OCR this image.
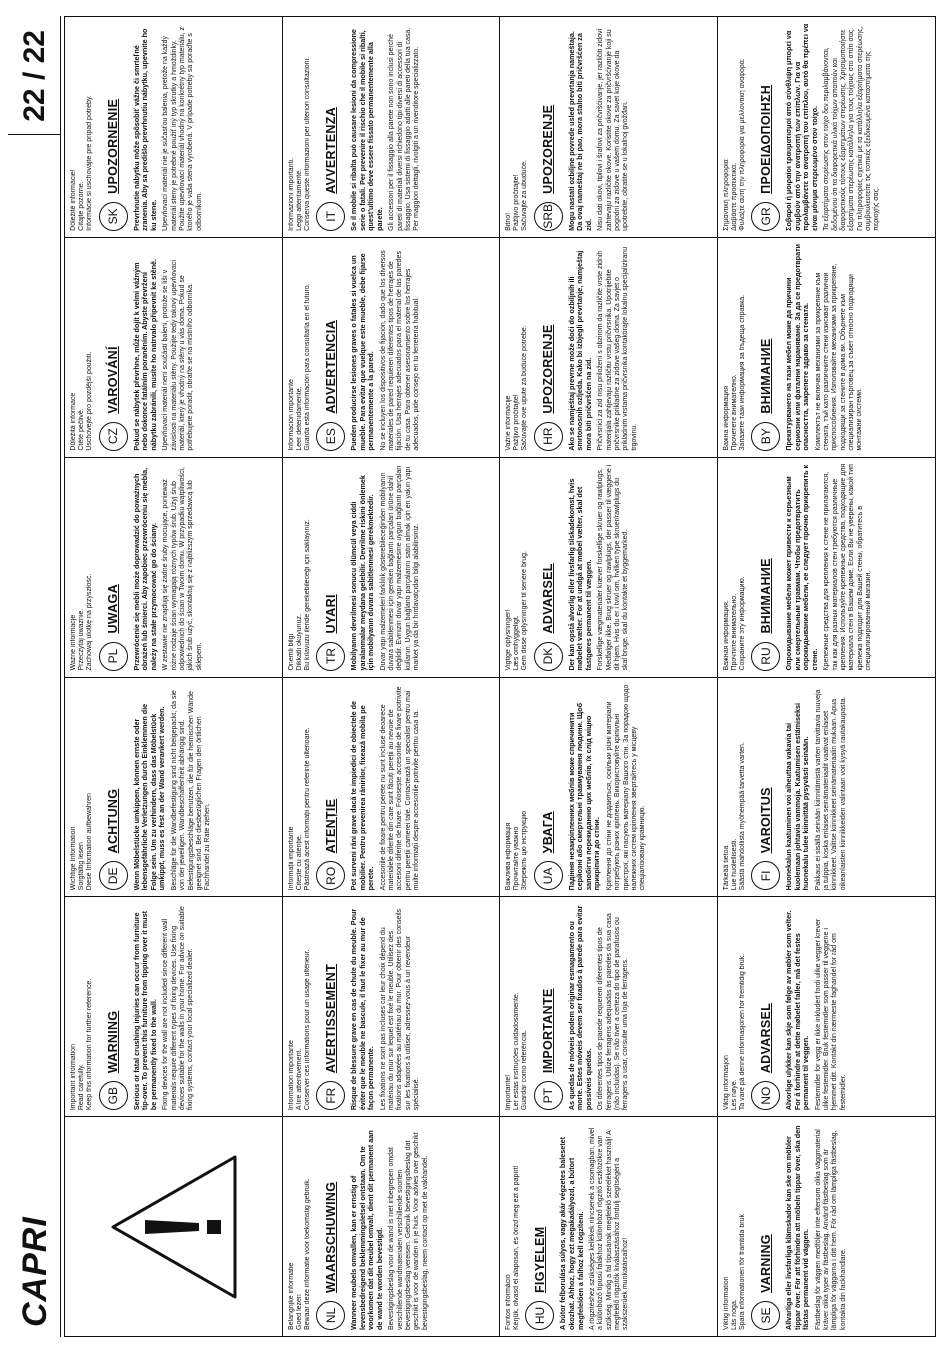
CAPRI
22 / 22
Important information Read carefully. Keep this information for further reference.	GB
WARNING Serious or fatal crushing injuries can occur from furniture tip-over. To prevent this furniture from tipping over it must be permanently fixed to the wall. Fixing devices for the wall are not included since different wall materials require different types of fixing devices. Use fixing devices suitable for the walls in your home. For advice on suitable fixing systems, contact your local specialized dealer.

Wichtige Information Sorgfältig lesen Diese Information aufbewahren	DE
ACHTUNG Wenn Möbelstücke umkippen, können ernste oder lebensgefährliche Verletzungen durch Einklemmen die Folge sein. Um zu verhindern, dass das Möbelstück umkippt, muss es fest an der Wand verankert werden. Beschläge für die Wandbefestigung sind nicht beigepackt, da sie von der jeweiligen. Wandbeschaffenheit abhängig sind. Befestigungsbeschläge benutzen, die für die heimischen Wände geeignet sind. Bei diesbezüglichen Fragen den örtlichen Fachhandel zu Rate ziehen.

Ważne informacje Przeczytaj uważnie. Zachowaj ulotkę na przyszłość.	PL
UWAGA Przewrócenie się mebli może doprowadzić do poważnych obrażeń lub śmierci. Aby zapobiec przewróceniu się mebla, należy na stałe przymocować go do ściany. W zestawie nie znajdują się żadne śruby mocujące, ponieważ różne rodzaje ścian wymagają różnych typów śrub. Użyj śrub odpowiednich do ścian w Twoim domu. W przypadku wątpliwości, jakich śrub użyć, skontaktuj się z najbliższym sprzedawcą lub sklepem.

Důležitá informace Čtěte pečlivě. Uschovejte pro pozdější použití.	CZ
VAROVÁNÍ Pokud se nábytek převrhne, může dojít k velmi vážným nebo dokonce fatálním poraněním. Abyste převržení nábytku zabránili, musíte ho natrvalo připevnit ke stěně. Upevňovací materiál není součástí balení, protože se liší v závislosti na materiálu stěny. Použijte tedy takový upevňovací materiál, který je vhodný na stěny u vás doma. Pokud se potřebujete poradit, obraťte se na místního odborníka.

Dôležité informácie! Čítajte pozorne. Informácie si uschovajte pre prípad potreby.	SK
UPOZORNENIE Prevrhnutie nábytku môže spôsobiť vážne či smrteľné zranenia. Aby sa predišlo prevrhnutiu nábytku, upevnite ho ku stene. Upevňovací materiál nie je súčasťou balenia, pretože na každý materiál steny je potrebné použiť iný typ skrutky a hmoždinky. Použite upevňovací materiál vhodný na konkrétny typ materiálu, z ktorého je vaša stena vyrobená. V prípade potreby sa poraďte s odborníkom.

Belangrijke informatie Goed lezen Bewaar deze informatie voor toekomstig gebruik.	NL
WAARSCHUWING Wanneer meubels omvallen, kan er ernstig of levensbedreigend beklemmingsletsel ontstaan. Om te voorkomen dat dit meubel omvalt, dient dit permanent aan de wand te worden bevestigd. Bevestigingsbeslag voor de wand is niet inbegrepen omdat verschillende wandmaterialen verschillende soorten bevestigingsbeslag vereisen. Gebruik bevestigingsbeslag dat geschikt is voor de wanden in je huis. Voor advies over geschikt bevestigingsbeslag, neem contact op met de vakhandel.

Information importante A lire attentivement. Conserver ces informations pour un usage ultérieur.	FR
AVERTISSEMENT Risque de blessure grave en cas de chute du meuble. Pour éviter que le meuble ne bascule, il faut le fixer au mur de façon permanente. Les fixations ne sont pas incluses car leur choix dépend du matériau du mur sur lequel est fixé le meuble. Utilisez des fixations adaptées au matériau du mur. Pour obtenir des conseils sur les fixations à utiliser, adressez-vous à un revendeur spécialisé.

Informații importante Citește cu atenție. Păstrează acest informații pentru referințe ulterioare.	RO
ATENȚIE Pot surveni răni grave dacă te impiedici de obiectele de mobilier. Pentru prevenirea rănirilor, fixează mobila pe perete. Accesoriile de fixare pentru perete nu sunt incluse deoarece materialele diferite din care sunt făcuți pereții au nevoie de accesorii diferite de fixare. Folosește accesoriile de fixare potrivite pentru pereții camerei tale. Contactează un specialist pentru mai multe informații despre accesoriile potrivite pentru casa ta.

Önemli bilgi Dikkatli okuyunuz. Bu kılavuzu ileride gerekebileceği için saklayınız.	TR
UYARI Mobilyanın devrilmesi sonucu ölümcül veya ciddi yaralanmalar meydana gelebilir. Devrilme riskini önlemek için mobilyanın duvara sabitlenmesi gerekmektedir. Duvar yapı malzemeleri farklılık gösterebileceğinden mobilyanın duvara sabitlenmesi için gereken bağlantı parçaları ürüne dahil değildir. Evinizin duvar yapı malzemesine uygun bağlantı parçaları kullanın. Uygun bağlantı parçalarını satın almak için en yakın yapı market ya da bir hırdavatçıdan bilgi alabilirsiniz.

Información importante Leer detenidamente. Guarda esta información para consultarla en el futuro.	ES
ADVERTENCIA Pueden producirse lesiones graves o fatales si vuelca un mueble. Para evitar que vuelque este mueble, debe fijarse permanentemente a la pared. No se incluyen los dispositivos de fijación, dado que los diversos materiales de pared requieren diferentes tipos de herrajes de fijación. Usa herrajes adecuados para el material de las paredes de tu casa. Para obtener asesoramiento sobre los herrajes adecuados, pide consejo en tu ferretería habitual.

Informazioni importanti. Leggi attentamente. Conserva queste informazioni per ulteriori consultazioni.	IT
AVVERTENZA Se il mobile si ribalta può causare lesioni da compressione serie o fatali. Per prevenire il rischio che il mobile si ribalti, quest'ultimo deve essere fissato permanentemente alla parete. Gli accessori per il fissaggio alla parete non sono inclusi perché pareti di materiali diversi richiedono tipi diversi di accessori di fissaggio. Usa sistemi di fissaggio adatti alle pareti della tua casa. Per maggiori dettagli, rivolgiti a un rivenditore specializzato.

Fontos információ Kérjük, olvasd el alaposan, és őrizd meg ezt a papírt!	HU
FIGYELEM A bútor felborulása súlyos, vagy akár végzetes balesetet okozhat. Ahhoz, hogy ezt megakadályozd, a bútort megfelelően a falhoz kell rögzíteni. A rögzítéshez szükséges kellékek nincsenek a csomagban, mivel a különböző típusú falakhoz különböző rögzítő eszközökre van szükség. Mindig a fal típusának megfelelő szereléket használj! A megfelelő rögzítők kiválasztásához fordulj segítségért a szakszerűek munkatársaihoz!

Importante! Ler estas instruções cuidadosamente. Guardar como referência.	PT
IMPORTANTE As quedas de móveis podem originar esmagamento ou morte. Estes móveis devem ser fixados à parede para evitar possíveis quedas. Os diferentes tipos de parede requerem diferentes tipos de ferragens. Utilize ferragens adequadas às paredes da sua casa (não incluídas). Se não tiver a certeza do tipo de parafusos ou ferragens a usar, consulte uma loja de ferragens.

Важлива інформація Прочитайте уважно Збережіть цю інструкцію	UA
УВАГА Падіння незакріпленних меблів може спричинити серйозні або смертельні травмування людини. Щоб запобігти перекиданню цих меблів, їх слід міцно прикріпити до стіни. Кріплення до стіни не додаються, оскільки різні матеріали потребують різних кріплень. Використовуйте кріпильні пристрої, які пасують матеріалу Вашого стін. За порадою щодо належних систем кріплення звертайтесь у місцеву спеціалізовану крамницю.

Vigtige oplysninger! Læs omhyggeligt. Gem disse oplysninger til senere brug.	DK
ADVARSEL Der kan opstå alvorlig eller livsfarlig tilskadekomst, hvis møbelet vælter. For at undgå at møbel vælter, skal det fastgøres permanent til væggen. Forskellige vægmaterialer kræver forskellige skruer og rawlplugs. Medfølger ikke. Brug skruer og rawlplugs, der passer til væggene i dit hjem. Hvis du er i tvivl om, hvilken type skruer/rawlplugs du skal bruge, skal du kontakte et byggemarked.

Važne informacije Pažljivo pročitajte! Sačuvajte ove upute za buduće potrebe.	HR
UPOZORENJE Ako se namještaj prevrne može doći do ozbiljnih ili smrtonosnih ozljeda. Kako bi izbjegli prevrtanje, namještaj mora biti pričvršćen na zid. Pričvrsnici za zid nisu priloženi s obzirom da različite vrste zidnih materijala zahtjevaju različitu vrstu pričvrsnika. Upotrijebite pričvrsnike prikladne za zidove vašeg doma. Za savjet o prikladnim vrstama pričvrsnika kontaktirajte lokalnu specijaliziranu trgovinu.

Bitno! Pažljivo pročitajte! Sačuvajte za ubuduće.	SRB
UPOZORENJE Mogu nastati ozbiljne povrede usled prevrtanja nameštaja. Da ovaj nameštaj ne bi pao, mora stalno biti pričvršćen za zid. Nisu dati okovi, tiplovi i šrafovi za pričvršćivanje, jer različiti zidovi zahtevaju različite okove. Koristite okove za pričvršćivanje koji su pogodni za zidove u vašem domu. Za savet koje okove da upotrebite, obratite se u lokalnoj gvožđari.

Viktig information Läs noga. Spara informationen för framtida bruk	SE
VARNING Allvarliga eller livsfarliga klämskador kan ske om möbler tippar över. För att förhindra att möbeln tippar över, ska den fästas permanent vid väggen. Fästbeslag för väggen medföljer inte eftersom olika väggmaterial kräver olika typer av fästbeslag. Använd fästbeslag som är lämpliga för väggarna i ditt hem. För råd om lämpliga fästbeslag, kontakta din fackhandlare.

Viktig informasjon Les nøye. Ta vare på denne informasjonen for fremtidig bruk.	NO
ADVARSEL Alvorlige ulykker kan skje som følge av møbler som velter. For å forhindre at dette møbelet faller, må det festes permanent til veggen. Festemidler for vegg er ikke inkludert fordi ulike vegger krever ulike festemidler. Bruk festemidler som passer til veggene i hjemmet ditt. Kontakt din nærmeste faghandel for råd om festemidler.

Tärkeää tietoa Lue huolellisesti. Säästä mahdollista myöhempää tarvetta varten.	FI
VAROITUS Huonekalun kaatuminen voi aiheuttaa vakavia tai kuolemaan johtavia vammoja. Kaatumisen estämiseksi huonekalu tulee kiinnittää pysyvästi seinään. Pakkaus ei sisällä seinään kiinnitämistä varten tarvittavia ruuveja ja tulppia, koska erilaiset seinämateriaalit vaativat erilaiset kiinnikkeet. Valitse kiinnikkeet seinämateriaalin mukaan. Apua oikeanlaisten kiinnikkeiden valintaan voit kysyä rautakaupasta.

Важная информация. Прочтите внимательно. Сохраните эту информацию.	RU
ВНИМАНИЕ Опрокидывание мебели может привести к серьезным или смертельным травмам. Чтобы предотвратить опрокидывание мебели, ее следует прочно прикрепить к стене. Крепежные средства для крепления к стене не прилагаются, так как для разных материалов стен требуются различные крепления. Используйте крепежные средства, подходящие для материала стен в Вашем доме. Если Вы не уверены, какой тип крепежа подходит для Вашей стены, обратитесь в специализированный магазин.

Важна информация Прочетете внимателно. Запазете тази информация за бъдеща справка.	BY
ВНИМАНИЕ Прекатурването на тази мебел може да причини сериозни или фатални нараняване. За да се предотврати опасността, закрепете здраво за стената. Комплектът не включва механизми за прикрепяне към стената, тъй като различните стени изискват различни приспособления. Използвайте механизми за прикрепяне, подходящи за стените в дома ви. Обърнете към специализиран търговец за съвет относно подходящи монтажни системи.

Σημαντική πληροφορία Διαβάστε προσεκτικά. Φυλάξτε αυτή την πληροφορία για μελλοντική αναφορά.	GR
ΠΡΟΕΙΔΟΠΟΙΗΣΗ Σοβαροί ή μοιραίοι τραυματισμοί από σύνθλιψη μπορεί να συμβούν από την ανατροπή των επίπλων. Για να προλαμβάνετε το ανατροπή του επίπλου, αυτό θα πρέπει να είναι μόνιμα στερεωμένο στον τοίχο. Τα εξαρτήματα στερέωσης στον τοίχο δεν περιλαμβάνονται, δεδομένου ότι τα διαφορετικά υλικά τοίχων απαιτούν και διαφορετικούς τύπους εξαρτημάτων στερέωσης. Χρησιμοποιήστε εξαρτήματα στερέωσης κατάλληλα για τους τοίχους στο σπίτι σας. Για πληροφορίες σχετικά με τα κατάλληλα εξαρτήματα στερέωσης, συμβουλευτείτε τις τοπικές εξειδικευμένα καταστήματα της περιοχής σας.
